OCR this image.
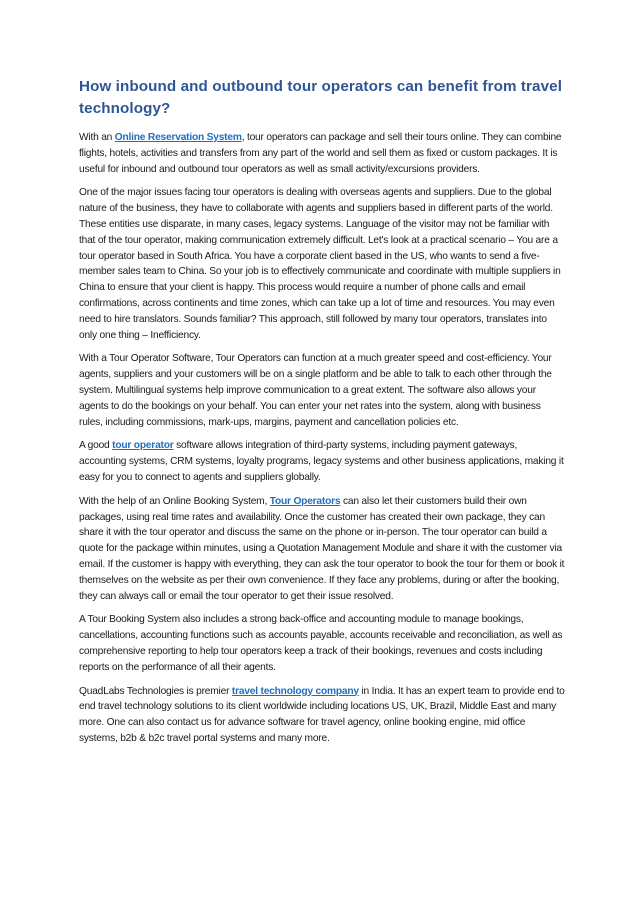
How inbound and outbound tour operators can benefit from travel technology?

With an Online Reservation System, tour operators can package and sell their tours online. They can combine flights, hotels, activities and transfers from any part of the world and sell them as fixed or custom packages. It is useful for inbound and outbound tour operators as well as small activity/excursions providers.

One of the major issues facing tour operators is dealing with overseas agents and suppliers. Due to the global nature of the business, they have to collaborate with agents and suppliers based in different parts of the world. These entities use disparate, in many cases, legacy systems. Language of the visitor may not be familiar with that of the tour operator, making communication extremely difficult. Let's look at a practical scenario – You are a tour operator based in South Africa. You have a corporate client based in the US, who wants to send a five-member sales team to China. So your job is to effectively communicate and coordinate with multiple suppliers in China to ensure that your client is happy. This process would require a number of phone calls and email confirmations, across continents and time zones, which can take up a lot of time and resources. You may even need to hire translators. Sounds familiar? This approach, still followed by many tour operators, translates into only one thing – Inefficiency.

With a Tour Operator Software, Tour Operators can function at a much greater speed and cost-efficiency. Your agents, suppliers and your customers will be on a single platform and be able to talk to each other through the system. Multilingual systems help improve communication to a great extent. The software also allows your agents to do the bookings on your behalf. You can enter your net rates into the system, along with business rules, including commissions, mark-ups, margins, payment and cancellation policies etc.

A good tour operator software allows integration of third-party systems, including payment gateways, accounting systems, CRM systems, loyalty programs, legacy systems and other business applications, making it easy for you to connect to agents and suppliers globally.

With the help of an Online Booking System, Tour Operators can also let their customers build their own packages, using real time rates and availability. Once the customer has created their own package, they can share it with the tour operator and discuss the same on the phone or in-person. The tour operator can build a quote for the package within minutes, using a Quotation Management Module and share it with the customer via email. If the customer is happy with everything, they can ask the tour operator to book the tour for them or book it themselves on the website as per their own convenience. If they face any problems, during or after the booking, they can always call or email the tour operator to get their issue resolved.

A Tour Booking System also includes a strong back-office and accounting module to manage bookings, cancellations, accounting functions such as accounts payable, accounts receivable and reconciliation, as well as comprehensive reporting to help tour operators keep a track of their bookings, revenues and costs including reports on the performance of all their agents.

QuadLabs Technologies is premier travel technology company in India. It has an expert team to provide end to end travel technology solutions to its client worldwide including locations US, UK, Brazil, Middle East and many more. One can also contact us for advance software for travel agency, online booking engine, mid office systems, b2b & b2c travel portal systems and many more.
